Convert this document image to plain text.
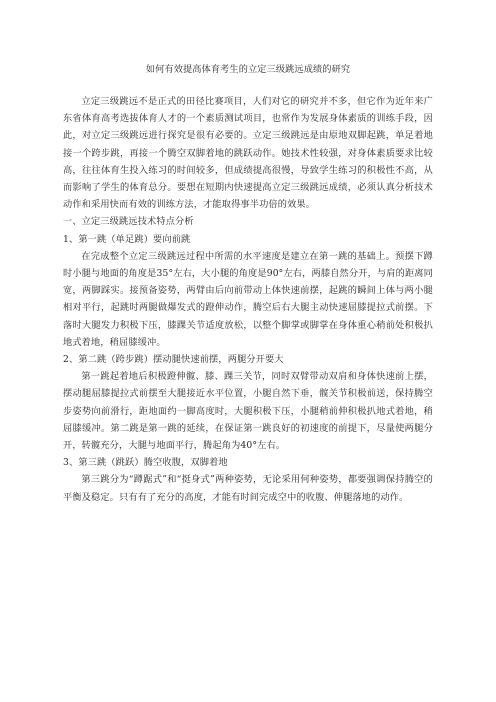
如何有效提高体育考生的立定三级跳远成绩的研究

立定三级跳远不是正式的田径比赛项目，人们对它的研究并不多，但它作为近年来广东省体育高考选拔体育人才的一个素质测试项目，也常作为发展身体素质的训练手段，因此，对立定三级跳远进行探究是很有必要的。立定三级跳远是由原地双脚起跳，单足着地接一个跨步跳，再接一个腾空双脚着地的跳跃动作。她技术性较强，对身体素质要求比较高，往往体育生投入练习的时间较多，但成绩提高很慢，导致学生练习的积极性不高，从而影响了学生的体育总分。要想在短期内快速提高立定三级跳远成绩，必须认真分析技术动作和采用快而有效的训练方法，才能取得事半功倍的效果。

一、立定三级跳远技术特点分析

1、第一跳（单足跳）要向前跳

在完成整个立定三级跳远过程中所需的水平速度是建立在第一跳的基础上。预摆下蹲时小腿与地面的角度是35°左右，大小腿的角度是90°左右，两膝自然分开，与肩的距离同宽，两脚踩实。接预备姿势，两臂由后向前带动上体快速前摆，起跳的瞬间上体与两小腿相对平行，起跳时两腿做爆发式的蹬伸动作，腾空后右大腿主动快速屈膝提拉式前摆。下落时大腿发力积极下压，膝踝关节适度放松，以整个脚掌或脚掌在身体重心稍前处积极扒地式着地，稍屈膝缓冲。

2、第二跳（跨步跳）摆动腿快速前摆，两腿分开要大

第一跳起着地后积极蹬伸髋、膝、踝三关节，同时双臂带动双肩和身体快速前上摆，摆动腿屈膝提拉式前摆至大腿接近水平位置，小腿自然下垂，髋关节积极前送，保持腾空步姿势向前滑行，距地面约一脚高度时，大腿积极下压，小腿稍前伸积极扒地式着地，稍屈膝缓冲。第二跳是第一跳的延续，在保证第一跳良好的初速度的前提下，尽量使两腿分开，转髋充分，大腿与地面平行，腾起角为40°左右。

3、第三跳（跳跃）腾空收腹，双脚着地

第三跳分为“蹲踞式”和“挺身式”两种姿势，无论采用何种姿势，都要强调保持腾空的平衡及稳定。只有有了充分的高度，才能有时间完成空中的收腹、伸腿落地的动作。
